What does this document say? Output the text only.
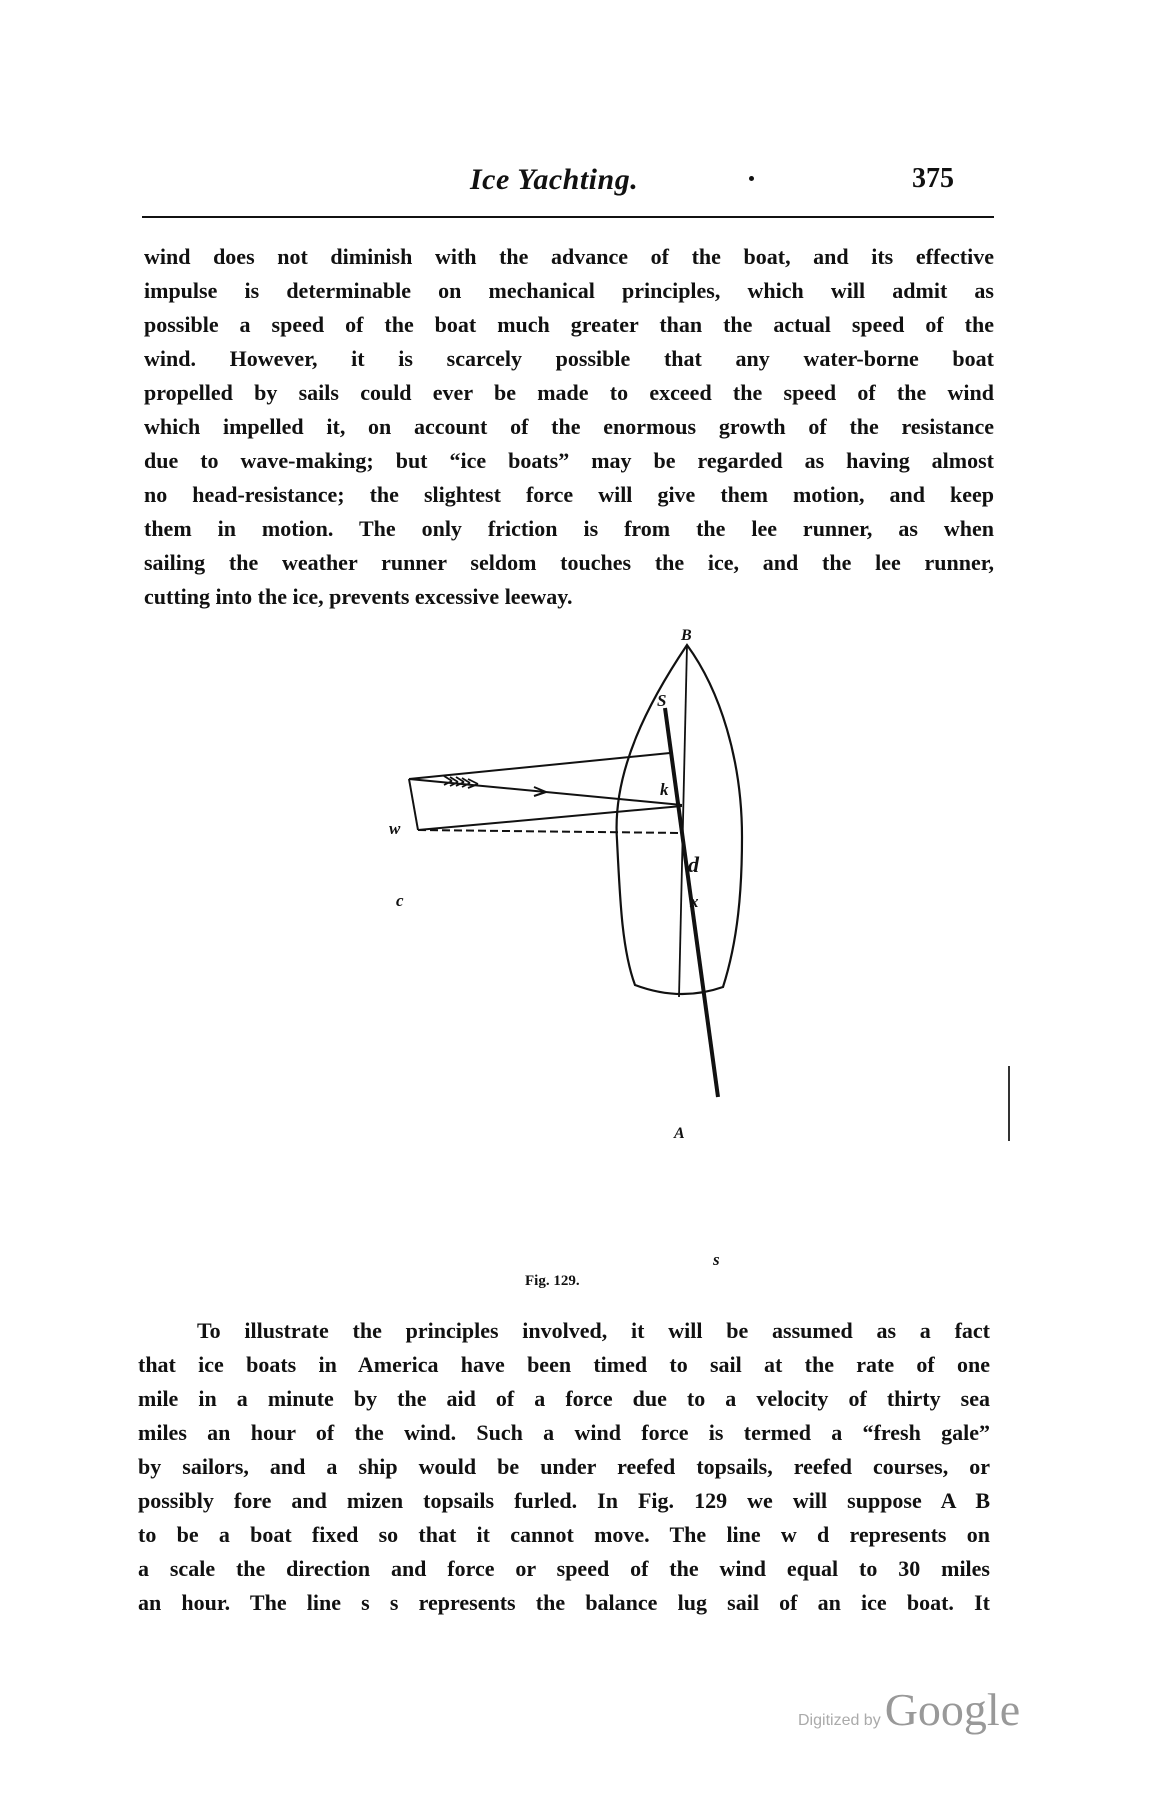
Ice Yachting.	375
wind does not diminish with the advance of the boat, and its effective
impulse is determinable on mechanical principles, which will admit as
possible a speed of the boat much greater than the actual speed of the
wind. However, it is scarcely possible that any water-borne boat
propelled by sails could ever be made to exceed the speed of the wind
which impelled it, on account of the enormous growth of the resistance
due to wave-making; but “ice boats” may be regarded as having almost
no head-resistance; the slightest force will give them motion, and keep
them in motion. The only friction is from the lee runner, as when
sailing the weather runner seldom touches the ice, and the lee runner,
cutting into the ice, prevents excessive leeway.
B
A
S
s
k
w
d
c	x
Fig. 129.
To illustrate the principles involved, it will be assumed as a fact
that ice boats in America have been timed to sail at the rate of one
mile in a minute by the aid of a force due to a velocity of thirty sea
miles an hour of the wind. Such a wind force is termed a “fresh gale”
by sailors, and a ship would be under reefed topsails, reefed courses, or
possibly fore and mizen topsails furled. In Fig. 129 we will suppose A B
to be a boat fixed so that it cannot move. The line w d represents on
a scale the direction and force or speed of the wind equal to 30 miles
an hour. The line s s represents the balance lug sail of an ice boat. It
Digitized by Google
